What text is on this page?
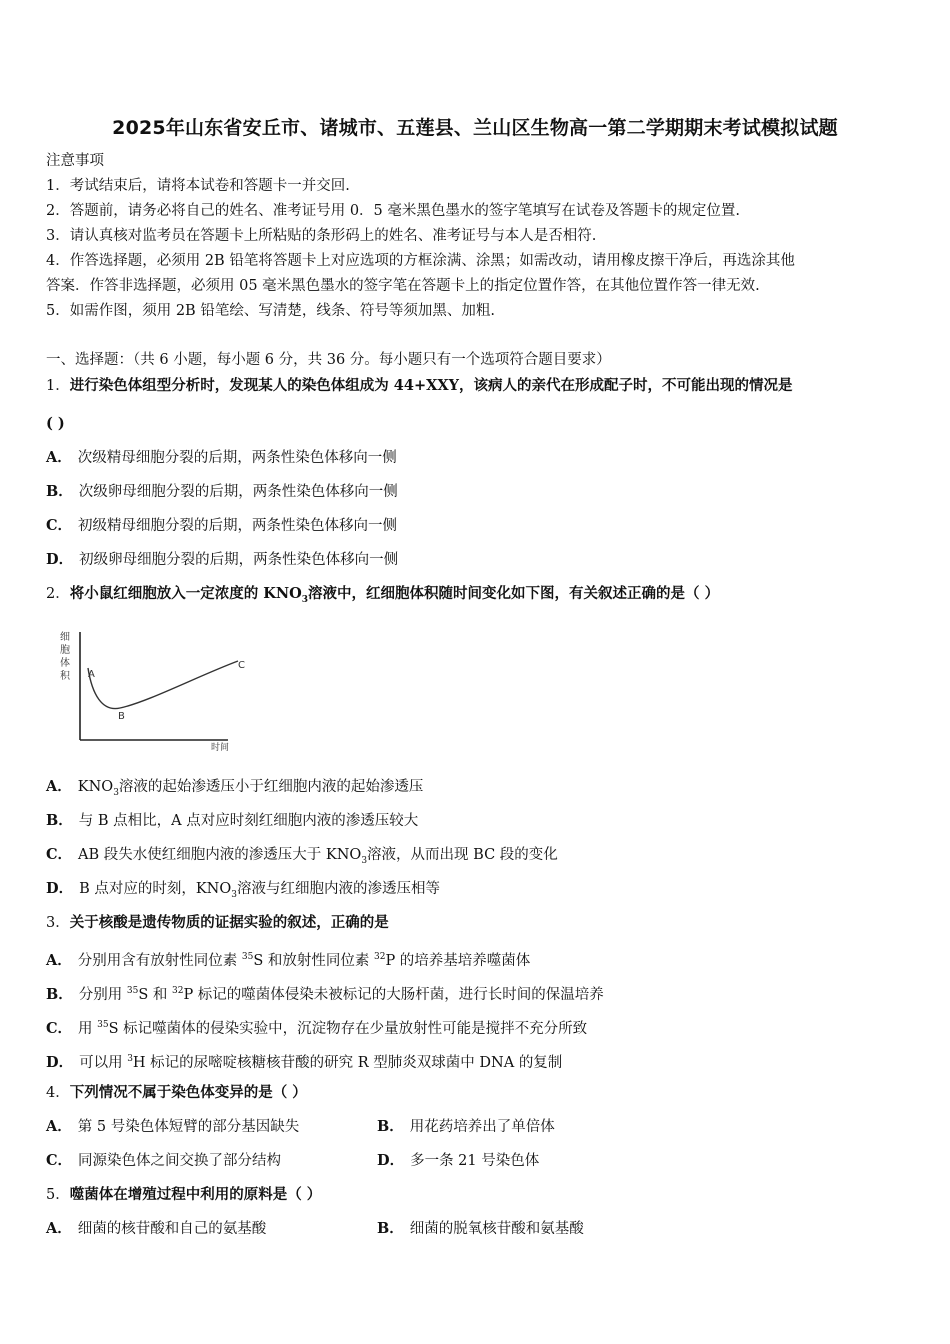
2025年山东省安丘市、诸城市、五莲县、兰山区生物高一第二学期期末考试模拟试题
注意事项
1．考试结束后，请将本试卷和答题卡一并交回.
2．答题前，请务必将自己的姓名、准考证号用 0．5 毫米黑色墨水的签字笔填写在试卷及答题卡的规定位置.
3．请认真核对监考员在答题卡上所粘贴的条形码上的姓名、准考证号与本人是否相符.
4．作答选择题，必须用 2B 铅笔将答题卡上对应选项的方框涂满、涂黑；如需改动，请用橡皮擦干净后，再选涂其他
答案．作答非选择题，必须用 05 毫米黑色墨水的签字笔在答题卡上的指定位置作答，在其他位置作答一律无效.
5．如需作图，须用 2B 铅笔绘、写清楚，线条、符号等须加黑、加粗.
一、选择题：（共 6 小题，每小题 6 分，共 36 分。每小题只有一个选项符合题目要求）
1．进行染色体组型分析时，发现某人的染色体组成为 44+XXY，该病人的亲代在形成配子时，不可能出现的情况是
( )
A． 次级精母细胞分裂的后期，两条性染色体移向一侧
B． 次级卵母细胞分裂的后期，两条性染色体移向一侧
C． 初级精母细胞分裂的后期，两条性染色体移向一侧
D． 初级卵母细胞分裂的后期，两条性染色体移向一侧
2．将小鼠红细胞放入一定浓度的 $KNO_3$溶液中，红细胞体积随时间变化如下图，有关叙述正确的是（ ）
细
胞
体
积 A
B
C
时间
A． $KNO_3$溶液的起始渗透压小于红细胞内液的起始渗透压
B． 与 B 点相比，A 点对应时刻红细胞内液的渗透压较大
C． AB 段失水使红细胞内液的渗透压大于 $KNO_3$溶液，从而出现 BC 段的变化
D． B 点对应的时刻，$KNO_3$溶液与红细胞内液的渗透压相等
3．关于核酸是遗传物质的证据实验的叙述，正确的是
A． 分别用含有放射性同位素 $^{35}$S 和放射性同位素 $^{32}$P 的培养基培养噬菌体
B． 分别用 $^{35}$S 和 $^{32}$P 标记的噬菌体侵染未被标记的大肠杆菌，进行长时间的保温培养
C． 用 $^{35}$S 标记噬菌体的侵染实验中，沉淀物存在少量放射性可能是搅拌不充分所致
D． 可以用 $^3$H 标记的尿嘧啶核糖核苷酸的研究 R 型肺炎双球菌中 DNA 的复制
4．下列情况不属于染色体变异的是（ ）
A． 第 5 号染色体短臂的部分基因缺失	B． 用花药培养出了单倍体
C． 同源染色体之间交换了部分结构	D． 多一条 21 号染色体
5．噬菌体在增殖过程中利用的原料是（ ）
A． 细菌的核苷酸和自己的氨基酸	B． 细菌的脱氧核苷酸和氨基酸
